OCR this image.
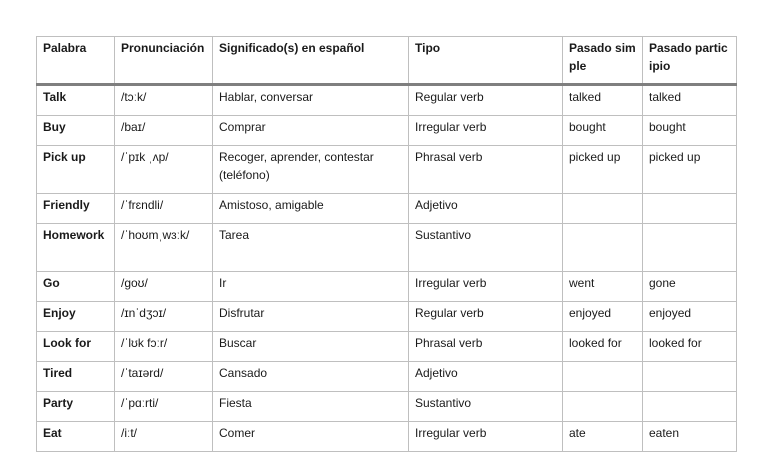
Palabra	Pronunciación	Significado(s) en español	Tipo	Pasado simple	Pasado participio
Talk	/tɔːk/	Hablar, conversar	Regular verb	talked	talked
Buy	/baɪ/	Comprar	Irregular verb	bought	bought
Pick up	/ˈpɪk ˌʌp/	Recoger, aprender, contestar (teléfono)	Phrasal verb	picked up	picked up
Friendly	/ˈfrɛndli/	Amistoso, amigable	Adjetivo		
Homework	/ˈhoʊmˌwɜːk/	Tarea	Sustantivo		
Go	/goʊ/	Ir	Irregular verb	went	gone
Enjoy	/ɪnˈdʒɔɪ/	Disfrutar	Regular verb	enjoyed	enjoyed
Look for	/ˈlʊk fɔːr/	Buscar	Phrasal verb	looked for	looked for
Tired	/ˈtaɪərd/	Cansado	Adjetivo		
Party	/ˈpɑːrti/	Fiesta	Sustantivo		
Eat	/iːt/	Comer	Irregular verb	ate	eaten
